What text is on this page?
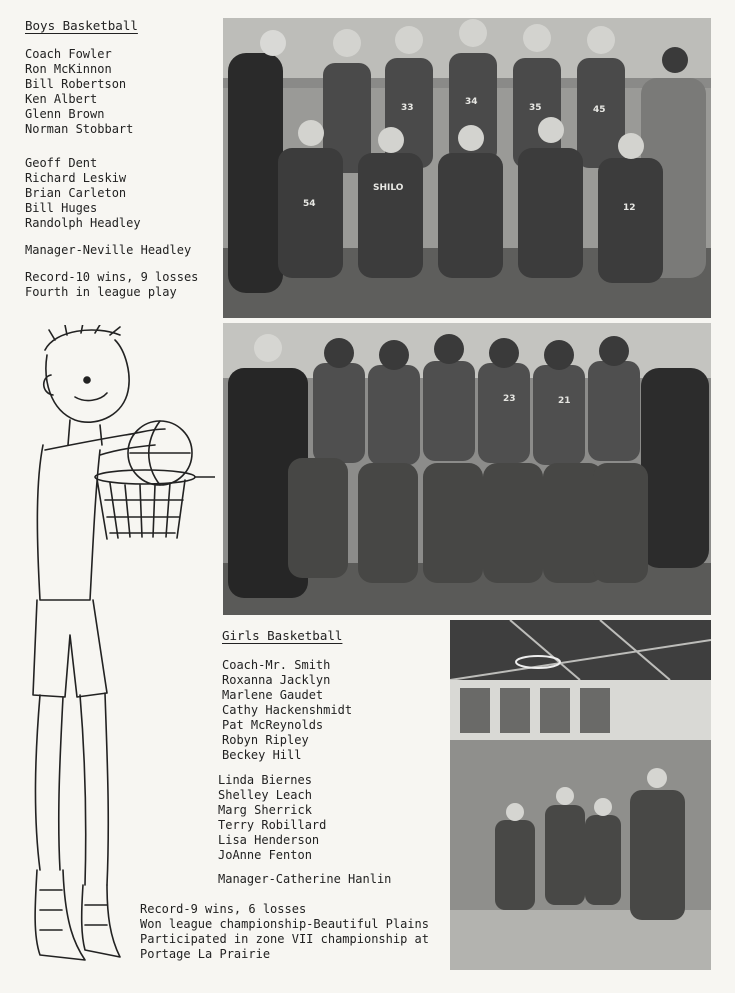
Boys Basketball
Coach Fowler
Ron McKinnon
Bill Robertson
Ken Albert
Glenn Brown
Norman Stobbart
Geoff Dent
Richard Leskiw
Brian Carleton
Bill Huges
Randolph Headley
Manager-Neville Headley
Record-10 wins, 9 losses
Fourth in league play
33
34
35	45
54	12
SHILO
23	21
Girls Basketball
Coach-Mr. Smith
Roxanna Jacklyn
Marlene Gaudet
Cathy Hackenshmidt
Pat McReynolds
Robyn Ripley
Beckey Hill
Linda Biernes
Shelley Leach
Marg Sherrick
Terry Robillard
Lisa Henderson
JoAnne Fenton
Manager-Catherine Hanlin
Record-9 wins, 6 losses
Won league championship-Beautiful Plains
Participated in zone VII championship at
Portage La Prairie
